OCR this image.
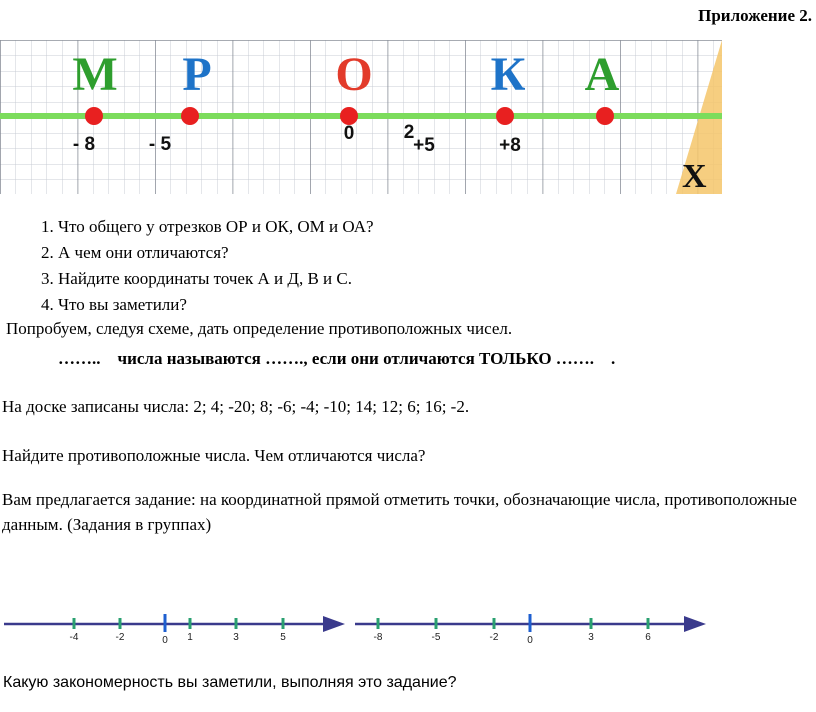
Приложение 2.
М Р	О К А
- 8	- 5
0	2
+5	+8
Х
1. Что общего у отрезков ОР и ОК, ОМ и ОА?
2. А чем они отличаются?
3. Найдите координаты точек А и Д, В и С.
4. Что вы заметили?
Попробуем, следуя схеме, дать определение противоположных чисел.
……..    числа называются ……., если они отличаются ТОЛЬКО …….    .
На доске записаны числа: 2; 4; -20; 8; -6; -4; -10; 14; 12; 6; 16; -2.
Найдите противоположные числа. Чем отличаются числа?
Вам предлагается задание: на координатной прямой отметить точки, обозначающие числа, противоположные данным. (Задания в группах)
-4	-2	0 1	3	5	-8	-5	-2	0	3	6
Какую закономерность вы заметили, выполняя это задание?
